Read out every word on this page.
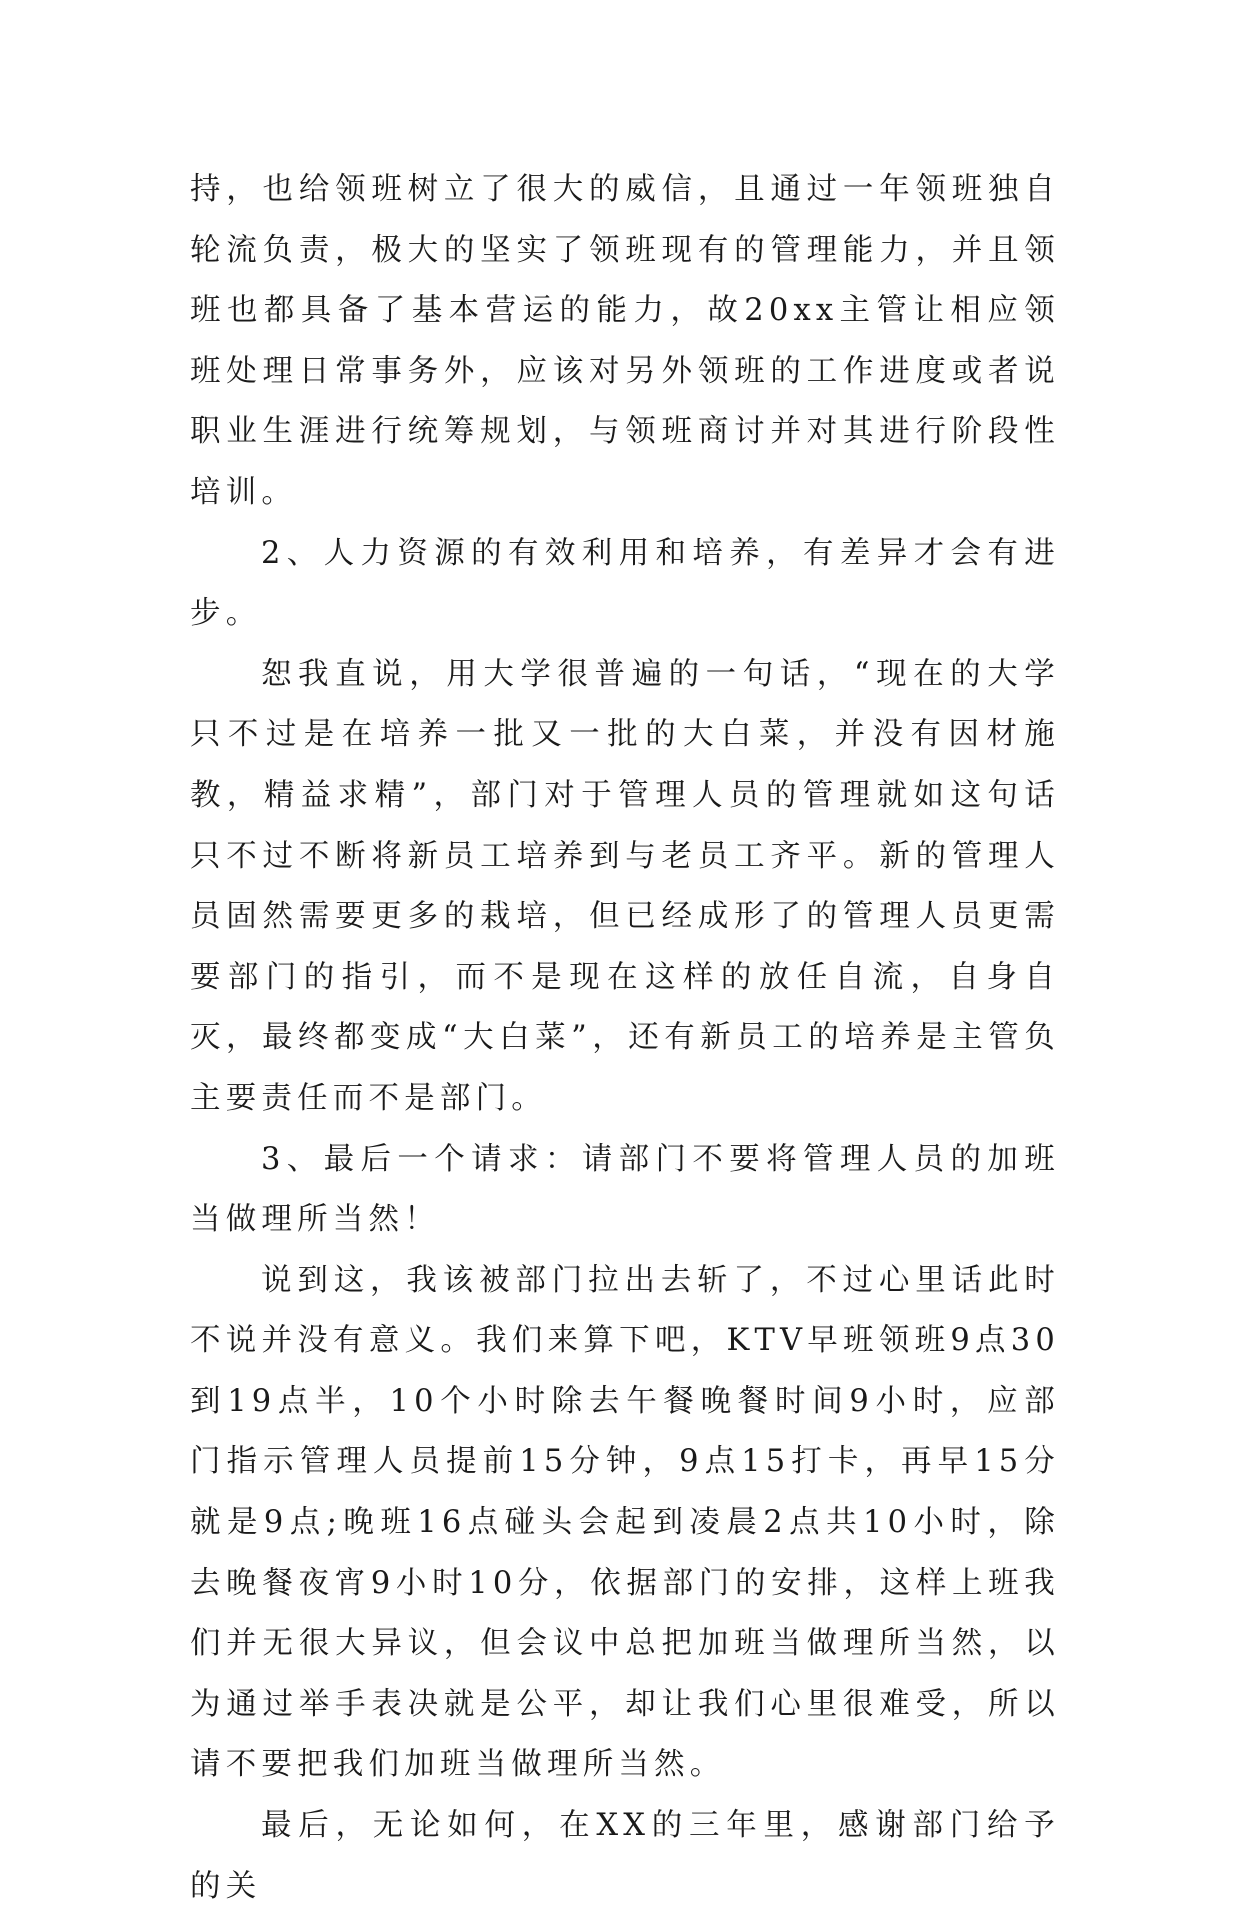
持，也给领班树立了很大的威信，且通过一年领班独自轮流负责，极大的坚实了领班现有的管理能力，并且领班也都具备了基本营运的能力，故20xx主管让相应领班处理日常事务外，应该对另外领班的工作进度或者说职业生涯进行统筹规划，与领班商讨并对其进行阶段性培训。

2、人力资源的有效利用和培养，有差异才会有进步。

恕我直说，用大学很普遍的一句话，“现在的大学只不过是在培养一批又一批的大白菜，并没有因材施教，精益求精”，部门对于管理人员的管理就如这句话只不过不断将新员工培养到与老员工齐平。新的管理人员固然需要更多的栽培，但已经成形了的管理人员更需要部门的指引，而不是现在这样的放任自流，自身自灭，最终都变成“大白菜”，还有新员工的培养是主管负主要责任而不是部门。

3、最后一个请求：请部门不要将管理人员的加班当做理所当然！

说到这，我该被部门拉出去斩了，不过心里话此时不说并没有意义。我们来算下吧，KTV早班领班9点30到19点半，10个小时除去午餐晚餐时间9小时，应部门指示管理人员提前15分钟，9点15打卡，再早15分就是9点;晚班16点碰头会起到凌晨2点共10小时，除去晚餐夜宵9小时10分，依据部门的安排，这样上班我们并无很大异议，但会议中总把加班当做理所当然，以为通过举手表决就是公平，却让我们心里很难受，所以请不要把我们加班当做理所当然。

最后，无论如何，在XX的三年里，感谢部门给予的关
